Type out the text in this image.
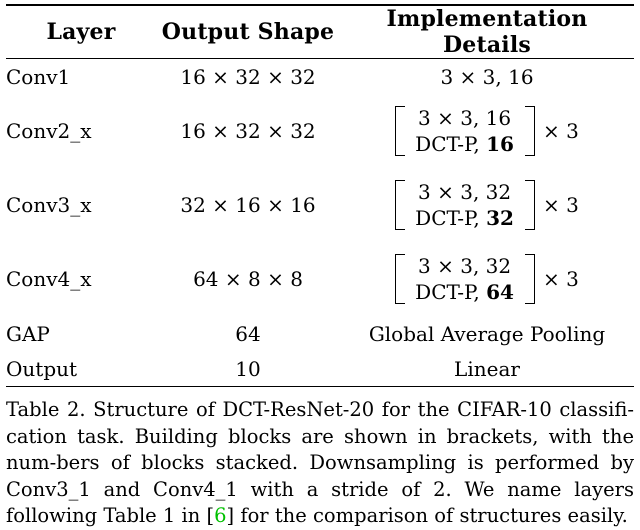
Layer	Output Shape	Implementation Details
Conv1	16 × 32 × 32	3 × 3, 16
Conv2_x	16 × 32 × 32	3 × 3, 16
DCT-P, 16
× 3

Conv3_x	32 × 16 × 16	3 × 3, 32
DCT-P, 32
× 3

Conv4_x	64 × 8 × 8	3 × 3, 32
DCT-P, 64
× 3

GAP	64	Global Average Pooling
Output	10	Linear
Table 2. Structure of DCT-ResNet-20 for the CIFAR-10 classifi-cation task. Building blocks are shown in brackets, with the num-bers of blocks stacked. Downsampling is performed by Conv3_1 and Conv4_1 with a stride of 2. We name layers following Table 1 in [6] for the comparison of structures easily.
